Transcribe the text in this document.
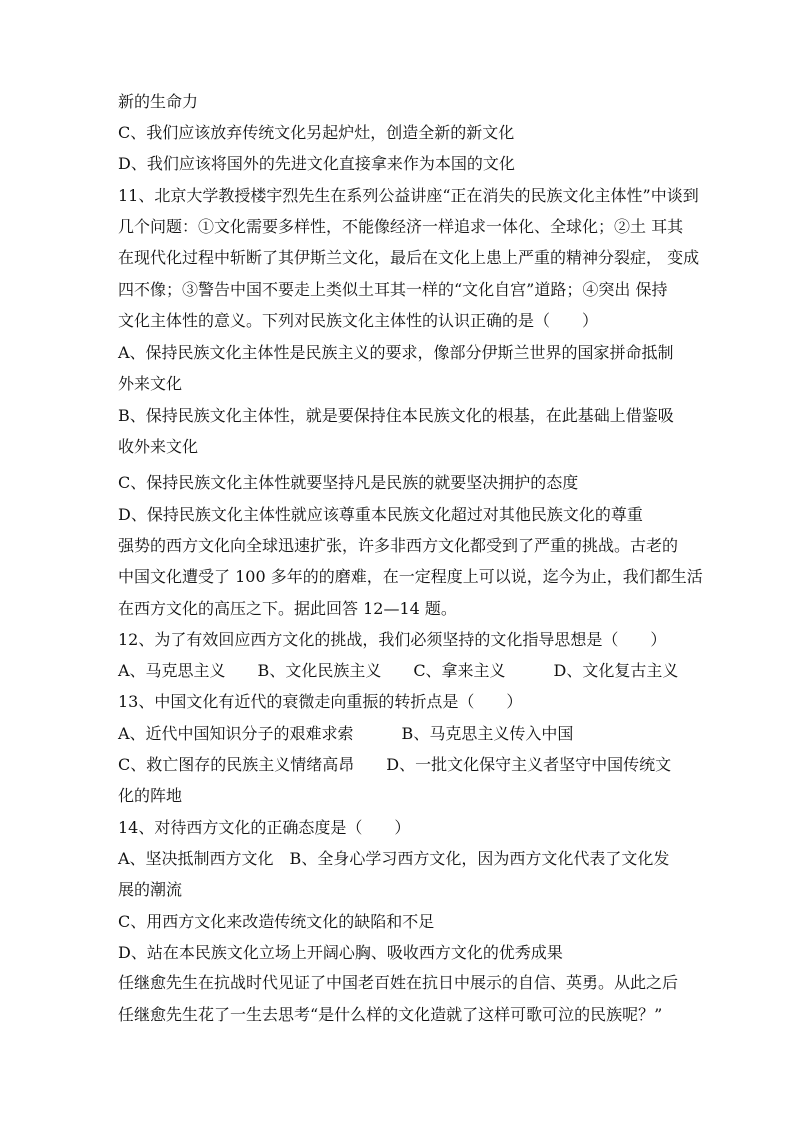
新的生命力
C、我们应该放弃传统文化另起炉灶，创造全新的新文化
D、我们应该将国外的先进文化直接拿来作为本国的文化
11、北京大学教授楼宇烈先生在系列公益讲座“正在消失的民族文化主体性”中谈到
几个问题：①文化需要多样性，不能像经济一样追求一体化、全球化；②土 耳其
在现代化过程中斩断了其伊斯兰文化，最后在文化上患上严重的精神分裂症， 变成
四不像；③警告中国不要走上类似土耳其一样的“文化自宫”道路；④突出 保持
文化主体性的意义。下列对民族文化主体性的认识正确的是（　　）
A、保持民族文化主体性是民族主义的要求，像部分伊斯兰世界的国家拼命抵制
外来文化
B、保持民族文化主体性，就是要保持住本民族文化的根基，在此基础上借鉴吸
收外来文化
C、保持民族文化主体性就要坚持凡是民族的就要坚决拥护的态度
D、保持民族文化主体性就应该尊重本民族文化超过对其他民族文化的尊重
强势的西方文化向全球迅速扩张，许多非西方文化都受到了严重的挑战。古老的
中国文化遭受了 100 多年的的磨难，在一定程度上可以说，迄今为止，我们都生活
在西方文化的高压之下。据此回答 12—14 题。
12、为了有效回应西方文化的挑战，我们必须坚持的文化指导思想是（　　）
A、马克思主义　　B、文化民族主义　　C、拿来主义　　　D、文化复古主义
13、中国文化有近代的衰微走向重振的转折点是（　　）
A、近代中国知识分子的艰难求索　　　B、马克思主义传入中国
C、救亡图存的民族主义情绪高昂　　D、一批文化保守主义者坚守中国传统文
化的阵地
14、对待西方文化的正确态度是（　　）
A、坚决抵制西方文化　B、全身心学习西方文化，因为西方文化代表了文化发
展的潮流
C、用西方文化来改造传统文化的缺陷和不足
D、站在本民族文化立场上开阔心胸、吸收西方文化的优秀成果
任继愈先生在抗战时代见证了中国老百姓在抗日中展示的自信、英勇。从此之后
任继愈先生花了一生去思考“是什么样的文化造就了这样可歌可泣的民族呢？”
